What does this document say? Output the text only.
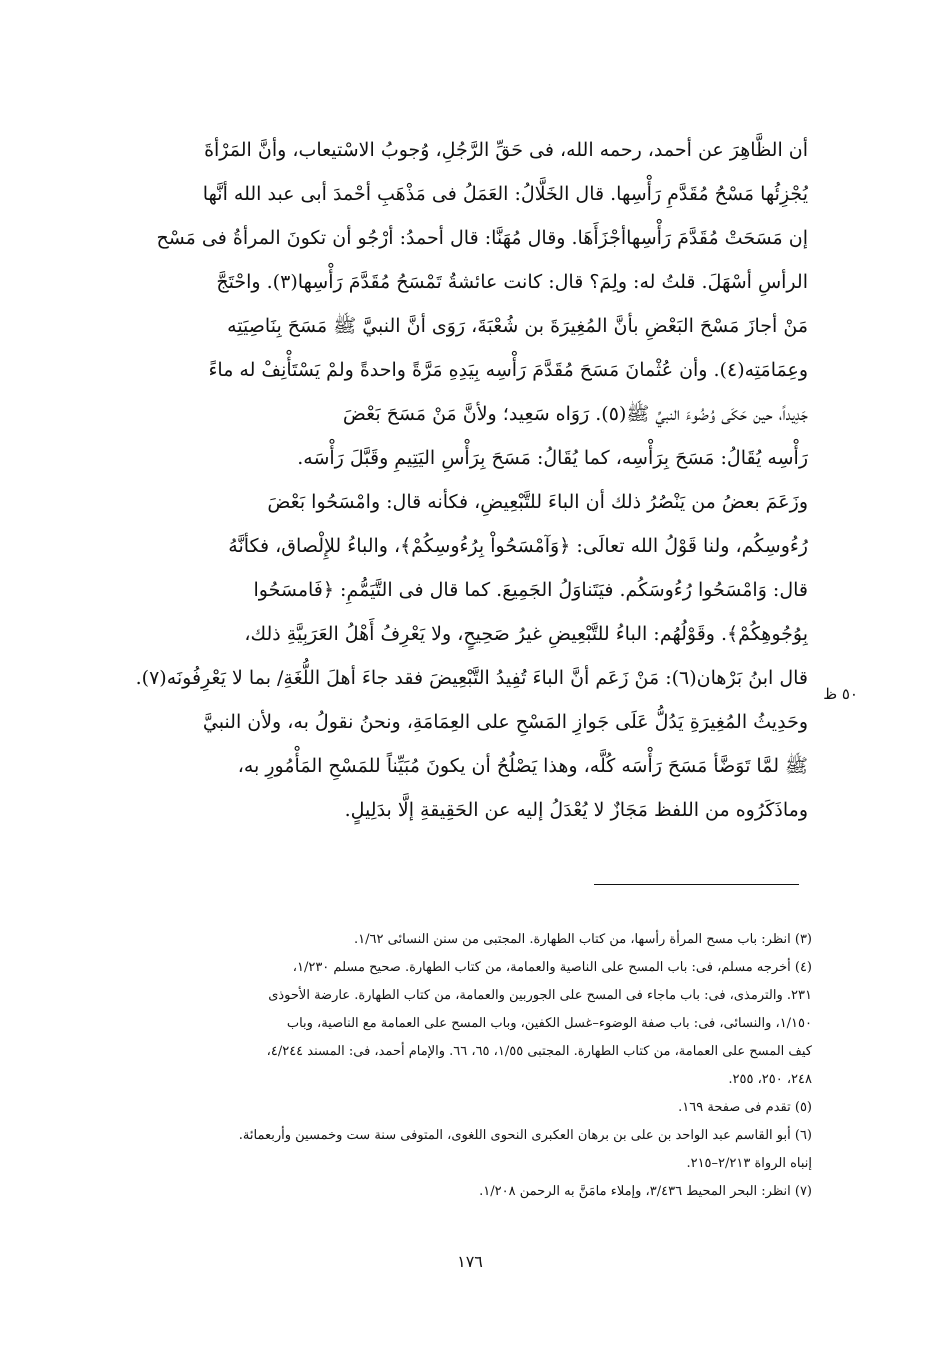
أن الظَّاهِرَ عن أحمد، رحمه الله، فى حَقِّ الرَّجُلِ، وُجوبُ الاسْتيعاب، وأنَّ المَرْأةَ
يُجْزِئُها مَسْحُ مُقَدَّمِ رَأْسِها. قال الخَلَّالُ: العَمَلُ فى مَذْهَبِ أحْمدَ أبى عبد الله أنَّها
إن مَسَحَتْ مُقَدَّمَ رَأْسِهاأجْزَأَهَا. وقال مُهَنَّا: قال أحمدُ: أرْجُو أن تكونَ المرأةُ فى مَسْح
الرأسِ أسْهَلَ. قلتُ له: ولِمَ؟ قال: كانت عائشةُ تَمْسَحُ مُقَدَّمَ رَأْسِها(٣). واحْتَجَّ
مَنْ أجازَ مَسْحَ البَعْضِ بأنَّ المُغِيرَةَ بن شُعْبَةَ، رَوَى أنَّ النبيَّ ﷺ مَسَحَ بِنَاصِيَتِه
وعِمَامَتِه(٤). وأن عُثْمانَ مَسَحَ مُقَدَّمَ رَأْسِه بِيَدِهِ مَرَّةً واحدةً ولمْ يَسْتَأْنِفْ له ماءً
جَدِيداً، حين حَكَى وُضُوءَ النبيِّ ﷺ(٥). رَوَاه سَعِيد؛ ولأنَّ مَنْ مَسَحَ بَعْضَ
رَأْسِه يُقَالُ: مَسَحَ بِرَأْسِه، كما يُقَالُ: مَسَحَ بِرَأْسِ اليَتِيمِ وقَبَّلَ رَأْسَه.
وزَعَمَ بعضُ من يَنْصُرُ ذلك أن الباءَ للتَّبْعِيضِ، فكأنه قال: وامْسَحُوا بَعْضَ
رُءُوسِكُم، ولنا قَوْلُ الله تعالَى: ﴿وَآمْسَحُواْ بِرُءُوسِكُمْ﴾، والباءُ للإِلْصاق، فكأنَّهُ
قال: وَامْسَحُوا رُءُوسَكُم. فيَتَناوَلُ الجَمِيعَ. كما قال فى التَّيَمُّمِ: ﴿فَامسَحُوا
بِوُجُوهِكُمْ﴾. وقَوْلُهُم: الباءُ للتَّبْعِيضِ غيرُ صَحِيحٍ، ولا يَعْرِفُ أَهْلُ العَرَبِيَّةِ ذلك،
قال ابنُ بَرْهان(٦): مَنْ زَعَم أنَّ الباءَ تُفِيدُ التَّبْعِيضَ فقد جاءَ أهلَ اللُّغَةِ/ بما لا يَعْرِفُونَه(٧).
وحَدِيثُ المُغِيرَةِ يَدُلُّ عَلَى جَوازِ المَسْحِ على العِمَامَةِ، ونحنُ نقولُ به، ولأن النبيَّ
ﷺ لمَّا تَوَضَّأ مَسَحَ رَأْسَه كُلَّه، وهذا يَصْلُحُ أن يكونَ مُبَيِّناً للمَسْحِ المَأْمُورِ به،
وماذَكَرُوه من اللفظ مَجَازٌ لا يُعْدَلُ إليه عن الحَقِيقةِ إلَّا بدَلِيلٍ.
٥٠ ظ
(٣) انظر: باب مسح المرأة رأسها، من كتاب الطهارة. المجتبى من سنن النسائى ١/٦٢.
(٤) أخرجه مسلم، فى: باب المسح على الناصية والعمامة، من كتاب الطهارة. صحيح مسلم ١/٢٣٠،
٢٣١. والترمذى، فى: باب ماجاء فى المسح على الجوربين والعمامة، من كتاب الطهارة. عارضة الأحوذى
١/١٥٠، والنسائى، فى: باب صفة الوضوء–غسل الكفين، وباب المسح على العمامة مع الناصية، وباب
كيف المسح على العمامة، من كتاب الطهارة. المجتبى ١/٥٥، ٦٥، ٦٦. والإمام أحمد، فى: المسند ٤/٢٤٤،
٢٤٨، ٢٥٠، ٢٥٥.
(٥) تقدم فى صفحة ١٦٩.
(٦) أبو القاسم عبد الواحد بن على بن برهان العكبرى النحوى اللغوى، المتوفى سنة ست وخمسين وأربعمائة.
إنباه الرواة ٢/٢١٣–٢١٥.
(٧) انظر: البحر المحيط ٣/٤٣٦، وإملاء مامَنَّ به الرحمن ١/٢٠٨.
١٧٦
